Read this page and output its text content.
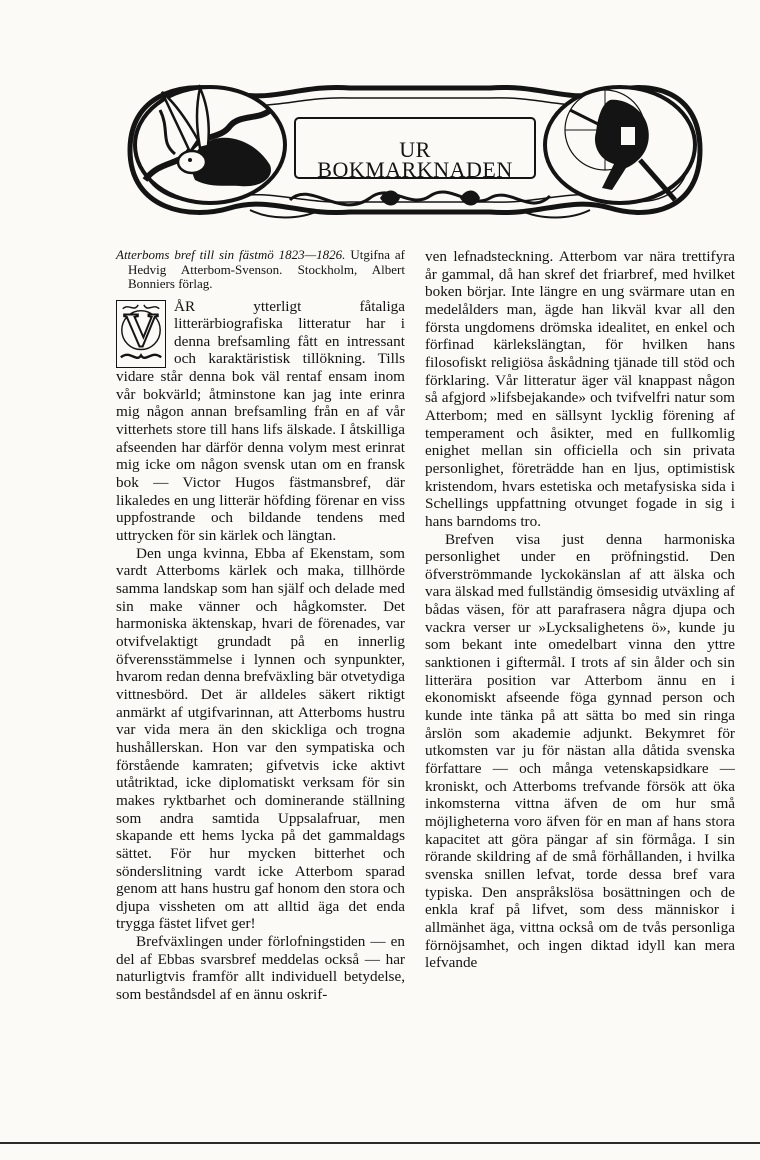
UR BOKMARKNADEN

Atterboms bref till sin fästmö 1823—1826. Utgifna af Hedvig Atterbom-Svenson. Stockholm, Albert Bonniers förlag.

V	ÅR ytterligt fåtaliga litterärbiografiska litteratur har i denna brefsamling fått en intressant och karaktäristisk tillökning. Tills vidare står denna bok väl rentaf ensam inom vår bokvärld; åtminstone kan jag inte erinra mig någon annan brefsamling från en af vår vitterhets store till hans lifs älskade. I åtskilliga afseenden har därför denna volym mest erinrat mig icke om någon svensk utan om en fransk bok — Victor Hugos fästmansbref, där likaledes en ung litterär höfding förenar en viss uppfostrande och bildande tendens med uttrycken för sin kärlek och längtan.

Den unga kvinna, Ebba af Ekenstam, som vardt Atterboms kärlek och maka, tillhörde samma landskap som han själf och delade med sin make vänner och hågkomster. Det harmoniska äktenskap, hvari de förenades, var otvifvelaktigt grundadt på en innerlig öfverensstämmelse i lynnen och synpunkter, hvarom redan denna brefväxling bär otvetydiga vittnesbörd. Det är alldeles säkert riktigt anmärkt af utgifvarinnan, att Atterboms hustru var vida mera än den skickliga och trogna hushållerskan. Hon var den sympatiska och förstående kamraten; gifvetvis icke aktivt utåtriktad, icke diplomatiskt verksam för sin makes ryktbarhet och dominerande ställning som andra samtida Uppsalafruar, men skapande ett hems lycka på det gammaldags sättet. För hur mycken bitterhet och sönderslitning vardt icke Atterbom sparad genom att hans hustru gaf honom den stora och djupa vissheten om att alltid äga det enda trygga fästet lifvet ger!

Brefväxlingen under förlofningstiden — en del af Ebbas svarsbref meddelas också — har naturligtvis framför allt individuell betydelse, som beståndsdel af en ännu oskrif-

ven lefnadsteckning. Atterbom var nära trettifyra år gammal, då han skref det friarbref, med hvilket boken börjar. Inte längre en ung svärmare utan en medelålders man, ägde han likväl kvar all den första ungdomens drömska idealitet, en enkel och förfinad kärlekslängtan, för hvilken hans filosofiskt religiösa åskådning tjänade till stöd och förklaring. Vår litteratur äger väl knappast någon så afgjord »lifsbejakande» och tvifvelfri natur som Atterbom; med en sällsynt lycklig förening af temperament och åsikter, med en fullkomlig enighet mellan sin officiella och sin privata personlighet, företrädde han en ljus, optimistisk kristendom, hvars estetiska och metafysiska sida i Schellings uppfattning otvunget fogade in sig i hans barndoms tro.

Brefven visa just denna harmoniska personlighet under en pröfningstid. Den öfverströmmande lyckokänslan af att älska och vara älskad med fullständig ömsesidig utväxling af bådas väsen, för att parafrasera några djupa och vackra verser ur »Lycksalighetens ö», kunde ju som bekant inte omedelbart vinna den yttre sanktionen i giftermål. I trots af sin ålder och sin litterära position var Atterbom ännu en i ekonomiskt afseende föga gynnad person och kunde inte tänka på att sätta bo med sin ringa årslön som akademie adjunkt. Bekymret för utkomsten var ju för nästan alla dåtida svenska författare — och många vetenskapsidkare — kroniskt, och Atterboms trefvande försök att öka inkomsterna vittna äfven de om hur små möjligheterna voro äfven för en man af hans stora kapacitet att göra pängar af sin förmåga. I sin rörande skildring af de små förhållanden, i hvilka svenska snillen lefvat, torde dessa bref vara typiska. Den anspråkslösa bosättningen och de enkla kraf på lifvet, som dess människor i allmänhet äga, vittna också om de tvås personliga förnöjsamhet, och ingen diktad idyll kan mera lefvande
